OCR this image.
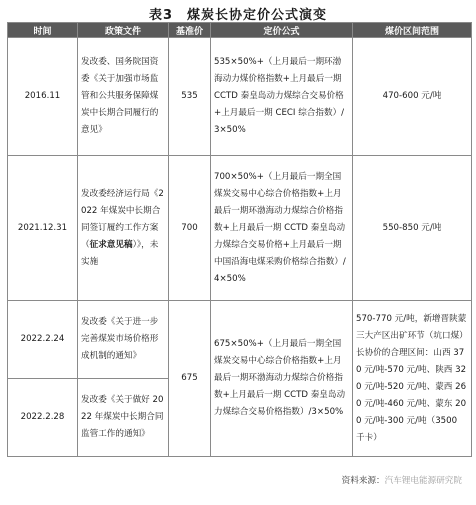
表3　煤炭长协定价公式演变
时间	政策文件	基准价	定价公式	煤价区间范围
2016.11	发改委、国务院国资委《关于加强市场监管和公共服务保障煤炭中长期合同履行的意见》	535	535×50%+（上月最后一期环渤海动力煤价格指数+上月最后一期 CCTD 秦皇岛动力煤综合交易价格+上月最后一期 CECI 综合指数）/3×50%	470-600 元/吨
2021.12.31	发改委经济运行局《2022 年煤炭中长期合同签订履约工作方案（征求意见稿）》，未实施	700	700×50%+（上月最后一期全国煤炭交易中心综合价格指数+上月最后一期环渤海动力煤综合价格指数+上月最后一期 CCTD 秦皇岛动力煤综合交易价格+上月最后一期中国沿海电煤采购价格综合指数）/4×50%	550-850 元/吨
2022.2.24	发改委《关于进一步完善煤炭市场价格形成机制的通知》	675	675×50%+（上月最后一期全国煤炭交易中心综合价格指数+上月最后一期环渤海动力煤综合价格指数+上月最后一期 CCTD 秦皇岛动力煤综合交易价格指数）/3×50%	570-770 元/吨，新增晋陕蒙三大产区出矿环节（坑口煤）长协价的合理区间：山西 370 元/吨-570 元/吨、陕西 320 元/吨-520 元/吨、蒙西 260 元/吨-460 元/吨、蒙东 200 元/吨-300 元/吨（3500 千卡）
2022.2.28	发改委《关于做好 2022 年煤炭中长期合同监管工作的通知》			
资料来源：汽车锂电能源研究院
